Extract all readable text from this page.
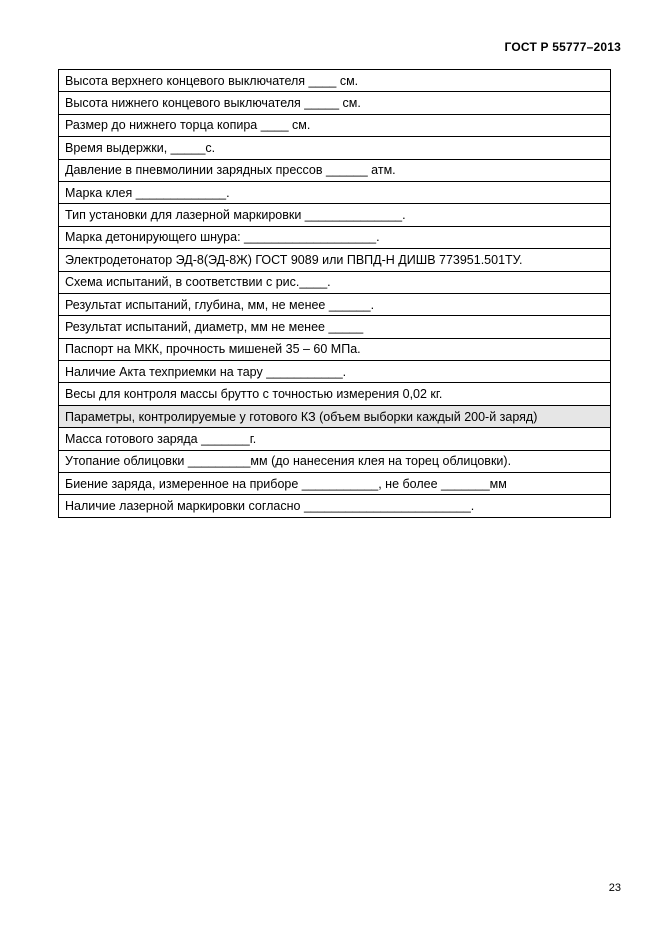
ГОСТ Р 55777–2013
Высота верхнего концевого выключателя ____ см.
Высота нижнего концевого выключателя _____ см.
Размер до нижнего торца копира ____ см.
Время выдержки, _____с.
Давление в пневмолинии зарядных прессов ______ атм.
Марка клея _____________.
Тип установки для лазерной маркировки ______________.
Марка детонирующего шнура: ___________________.
Электродетонатор ЭД-8(ЭД-8Ж) ГОСТ 9089 или ПВПД-Н ДИШВ 773951.501ТУ.
Схема испытаний, в соответствии с рис.____.
Результат испытаний, глубина, мм, не менее ______.
Результат испытаний, диаметр, мм не менее _____
Паспорт на МКК, прочность мишеней 35 – 60 МПа.
Наличие Акта техприемки на тару ___________.
Весы для контроля массы брутто с точностью измерения 0,02 кг.
Параметры, контролируемые у готового КЗ (объем выборки каждый 200-й заряд)
Масса готового заряда _______г.
Утопание облицовки _________мм (до нанесения клея на торец облицовки).
Биение заряда, измеренное на приборе ___________, не более _______мм
Наличие лазерной маркировки согласно ________________________.
23
